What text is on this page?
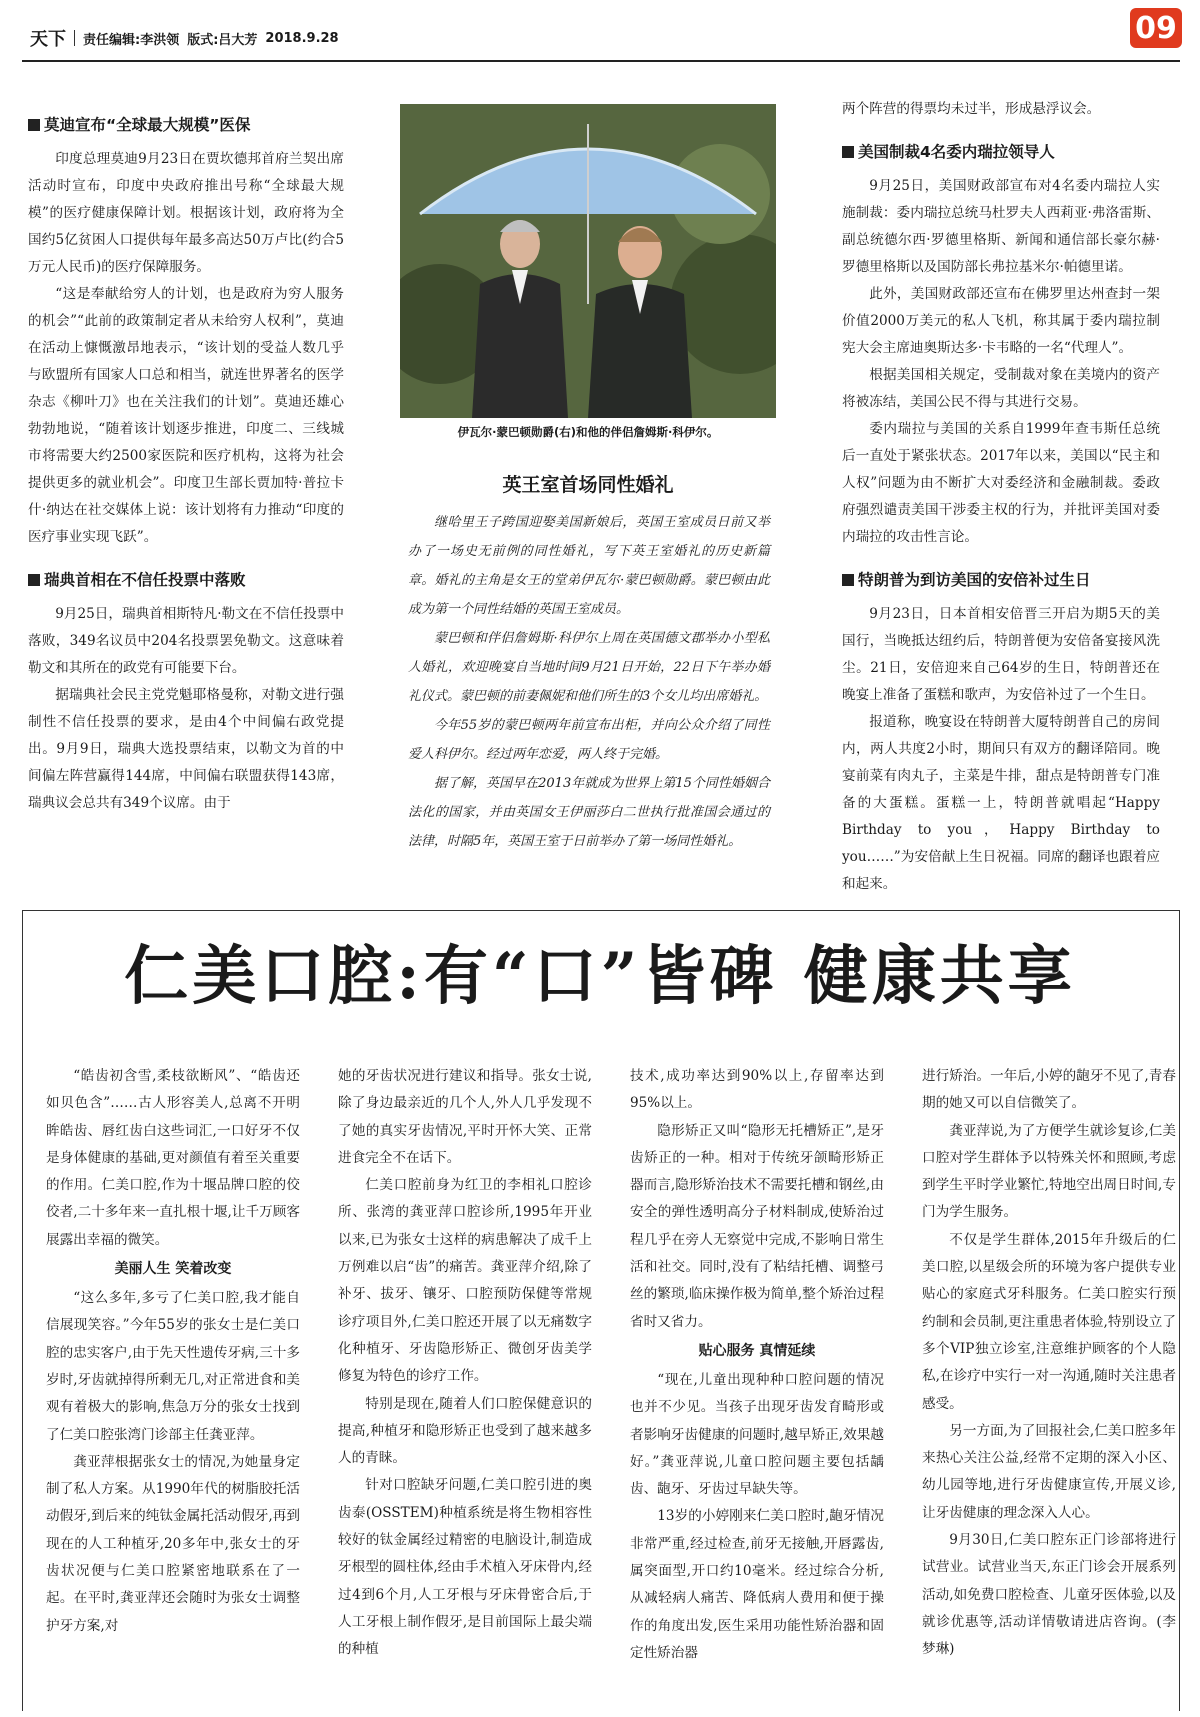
天下 责任编辑:李洪领 版式:吕大芳 2018.9.28	09
莫迪宣布“全球最大规模”医保

印度总理莫迪9月23日在贾坎德邦首府兰契出席活动时宣布，印度中央政府推出号称“全球最大规模”的医疗健康保障计划。根据该计划，政府将为全国约5亿贫困人口提供每年最多高达50万卢比(约合5万元人民币)的医疗保障服务。

“这是奉献给穷人的计划，也是政府为穷人服务的机会”“此前的政策制定者从未给穷人权利”，莫迪在活动上慷慨激昂地表示，“该计划的受益人数几乎与欧盟所有国家人口总和相当，就连世界著名的医学杂志《柳叶刀》也在关注我们的计划”。莫迪还雄心勃勃地说，“随着该计划逐步推进，印度二、三线城市将需要大约2500家医院和医疗机构，这将为社会提供更多的就业机会”。印度卫生部长贾加特·普拉卡什·纳达在社交媒体上说：该计划将有力推动“印度的医疗事业实现飞跃”。

瑞典首相在不信任投票中落败

9月25日，瑞典首相斯特凡·勒文在不信任投票中落败，349名议员中204名投票罢免勒文。这意味着勒文和其所在的政党有可能要下台。

据瑞典社会民主党党魁耶格曼称，对勒文进行强制性不信任投票的要求，是由4个中间偏右政党提出。9月9日，瑞典大选投票结束，以勒文为首的中间偏左阵营赢得144席，中间偏右联盟获得143席，瑞典议会总共有349个议席。由于

伊瓦尔·蒙巴顿勋爵(右)和他的伴侣詹姆斯·科伊尔。
英王室首场同性婚礼

继哈里王子跨国迎娶美国新娘后，英国王室成员日前又举办了一场史无前例的同性婚礼，写下英王室婚礼的历史新篇章。婚礼的主角是女王的堂弟伊瓦尔·蒙巴顿勋爵。蒙巴顿由此成为第一个同性结婚的英国王室成员。

蒙巴顿和伴侣詹姆斯·科伊尔上周在英国德文郡举办小型私人婚礼，欢迎晚宴自当地时间9月21日开始，22日下午举办婚礼仪式。蒙巴顿的前妻佩妮和他们所生的3个女儿均出席婚礼。

今年55岁的蒙巴顿两年前宣布出柜，并向公众介绍了同性爱人科伊尔。经过两年恋爱，两人终于完婚。

据了解，英国早在2013年就成为世界上第15个同性婚姻合法化的国家，并由英国女王伊丽莎白二世执行批准国会通过的法律，时隔5年，英国王室于日前举办了第一场同性婚礼。

两个阵营的得票均未过半，形成悬浮议会。

美国制裁4名委内瑞拉领导人

9月25日，美国财政部宣布对4名委内瑞拉人实施制裁：委内瑞拉总统马杜罗夫人西莉亚·弗洛雷斯、副总统德尔西·罗德里格斯、新闻和通信部长豪尔赫·罗德里格斯以及国防部长弗拉基米尔·帕德里诺。

此外，美国财政部还宣布在佛罗里达州查封一架价值2000万美元的私人飞机，称其属于委内瑞拉制宪大会主席迪奥斯达多·卡韦略的一名“代理人”。

根据美国相关规定，受制裁对象在美境内的资产将被冻结，美国公民不得与其进行交易。

委内瑞拉与美国的关系自1999年查韦斯任总统后一直处于紧张状态。2017年以来，美国以“民主和人权”问题为由不断扩大对委经济和金融制裁。委政府强烈谴责美国干涉委主权的行为，并批评美国对委内瑞拉的攻击性言论。

特朗普为到访美国的安倍补过生日

9月23日，日本首相安倍晋三开启为期5天的美国行，当晚抵达纽约后，特朗普便为安倍备宴接风洗尘。21日，安倍迎来自己64岁的生日，特朗普还在晚宴上准备了蛋糕和歌声，为安倍补过了一个生日。

报道称，晚宴设在特朗普大厦特朗普自己的房间内，两人共度2小时，期间只有双方的翻译陪同。晚宴前菜有肉丸子，主菜是牛排，甜点是特朗普专门准备的大蛋糕。蛋糕一上，特朗普就唱起“Happy Birthday to you，Happy Birthday to you……”为安倍献上生日祝福。同席的翻译也跟着应和起来。

仁美口腔:有“口”皆碑 健康共享

“皓齿初含雪,柔枝欲断风”、“皓齿还如贝色含”……古人形容美人,总离不开明眸皓齿、唇红齿白这些词汇,一口好牙不仅是身体健康的基础,更对颜值有着至关重要的作用。仁美口腔,作为十堰品牌口腔的佼佼者,二十多年来一直扎根十堰,让千万顾客展露出幸福的微笑。

美丽人生 笑着改变

“这么多年,多亏了仁美口腔,我才能自信展现笑容。”今年55岁的张女士是仁美口腔的忠实客户,由于先天性遗传牙病,三十多岁时,牙齿就掉得所剩无几,对正常进食和美观有着极大的影响,焦急万分的张女士找到了仁美口腔张湾门诊部主任龚亚萍。

龚亚萍根据张女士的情况,为她量身定制了私人方案。从1990年代的树脂胶托活动假牙,到后来的纯钛金属托活动假牙,再到现在的人工种植牙,20多年中,张女士的牙齿状况便与仁美口腔紧密地联系在了一起。在平时,龚亚萍还会随时为张女士调整护牙方案,对

她的牙齿状况进行建议和指导。张女士说,除了身边最亲近的几个人,外人几乎发现不了她的真实牙齿情况,平时开怀大笑、正常进食完全不在话下。

仁美口腔前身为红卫的李相礼口腔诊所、张湾的龚亚萍口腔诊所,1995年开业以来,已为张女士这样的病患解决了成千上万例难以启“齿”的痛苦。龚亚萍介绍,除了补牙、拔牙、镶牙、口腔预防保健等常规诊疗项目外,仁美口腔还开展了以无痛数字化种植牙、牙齿隐形矫正、微创牙齿美学修复为特色的诊疗工作。

特别是现在,随着人们口腔保健意识的提高,种植牙和隐形矫正也受到了越来越多人的青睐。

针对口腔缺牙问题,仁美口腔引进的奥齿泰(OSSTEM)种植系统是将生物相容性较好的钛金属经过精密的电脑设计,制造成牙根型的圆柱体,经由手术植入牙床骨内,经过4到6个月,人工牙根与牙床骨密合后,于人工牙根上制作假牙,是目前国际上最尖端的种植

技术,成功率达到90%以上,存留率达到95%以上。

隐形矫正又叫“隐形无托槽矫正”,是牙齿矫正的一种。相对于传统牙颌畸形矫正器而言,隐形矫治技术不需要托槽和钢丝,由安全的弹性透明高分子材料制成,使矫治过程几乎在旁人无察觉中完成,不影响日常生活和社交。同时,没有了粘结托槽、调整弓丝的繁琐,临床操作极为简单,整个矫治过程省时又省力。

贴心服务 真情延续

“现在,儿童出现种种口腔问题的情况也并不少见。当孩子出现牙齿发育畸形或者影响牙齿健康的问题时,越早矫正,效果越好。”龚亚萍说,儿童口腔问题主要包括龋齿、龅牙、牙齿过早缺失等。

13岁的小婷刚来仁美口腔时,龅牙情况非常严重,经过检查,前牙无接触,开唇露齿,属突面型,开口约10毫米。经过综合分析,从减轻病人痛苦、降低病人费用和便于操作的角度出发,医生采用功能性矫治器和固定性矫治器

进行矫治。一年后,小婷的龅牙不见了,青春期的她又可以自信微笑了。

龚亚萍说,为了方便学生就诊复诊,仁美口腔对学生群体予以特殊关怀和照顾,考虑到学生平时学业繁忙,特地空出周日时间,专门为学生服务。

不仅是学生群体,2015年升级后的仁美口腔,以星级会所的环境为客户提供专业贴心的家庭式牙科服务。仁美口腔实行预约制和会员制,更注重患者体验,特别设立了多个VIP独立诊室,注意维护顾客的个人隐私,在诊疗中实行一对一沟通,随时关注患者感受。

另一方面,为了回报社会,仁美口腔多年来热心关注公益,经常不定期的深入小区、幼儿园等地,进行牙齿健康宣传,开展义诊,让牙齿健康的理念深入人心。

9月30日,仁美口腔东正门诊部将进行试营业。试营业当天,东正门诊会开展系列活动,如免费口腔检查、儿童牙医体验,以及就诊优惠等,活动详情敬请进店咨询。(李梦琳)
